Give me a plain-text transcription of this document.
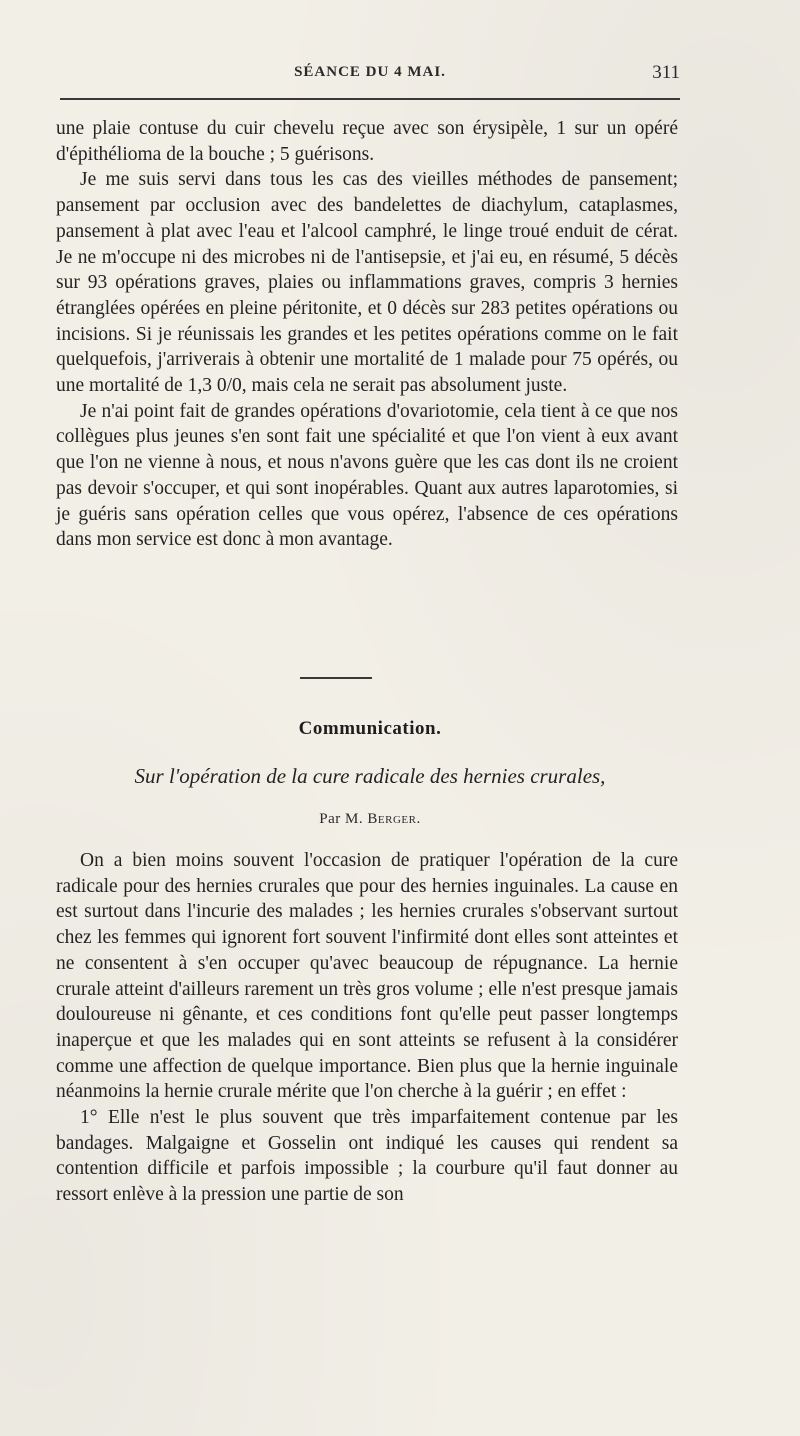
SÉANCE DU 4 MAI.	311

une plaie contuse du cuir chevelu reçue avec son érysipèle, 1 sur un opéré d'épithélioma de la bouche ; 5 guérisons.

Je me suis servi dans tous les cas des vieilles méthodes de pansement; pansement par occlusion avec des bandelettes de diachylum, cataplasmes, pansement à plat avec l'eau et l'alcool camphré, le linge troué enduit de cérat. Je ne m'occupe ni des microbes ni de l'antisepsie, et j'ai eu, en résumé, 5 décès sur 93 opérations graves, plaies ou inflammations graves, compris 3 hernies étranglées opérées en pleine péritonite, et 0 décès sur 283 petites opérations ou incisions. Si je réunissais les grandes et les petites opérations comme on le fait quelquefois, j'arriverais à obtenir une mortalité de 1 malade pour 75 opérés, ou une mortalité de 1,3 0/0, mais cela ne serait pas absolument juste.

Je n'ai point fait de grandes opérations d'ovariotomie, cela tient à ce que nos collègues plus jeunes s'en sont fait une spécialité et que l'on vient à eux avant que l'on ne vienne à nous, et nous n'avons guère que les cas dont ils ne croient pas devoir s'occuper, et qui sont inopérables. Quant aux autres laparotomies, si je guéris sans opération celles que vous opérez, l'absence de ces opérations dans mon service est donc à mon avantage.

Communication.
Sur l'opération de la cure radicale des hernies crurales,
Par M. Berger.

On a bien moins souvent l'occasion de pratiquer l'opération de la cure radicale pour des hernies crurales que pour des hernies inguinales. La cause en est surtout dans l'incurie des malades ; les hernies crurales s'observant surtout chez les femmes qui ignorent fort souvent l'infirmité dont elles sont atteintes et ne consentent à s'en occuper qu'avec beaucoup de répugnance. La hernie crurale atteint d'ailleurs rarement un très gros volume ; elle n'est presque jamais douloureuse ni gênante, et ces conditions font qu'elle peut passer longtemps inaperçue et que les malades qui en sont atteints se refusent à la considérer comme une affection de quelque importance. Bien plus que la hernie inguinale néanmoins la hernie crurale mérite que l'on cherche à la guérir ; en effet :

1° Elle n'est le plus souvent que très imparfaitement contenue par les bandages. Malgaigne et Gosselin ont indiqué les causes qui rendent sa contention difficile et parfois impossible ; la courbure qu'il faut donner au ressort enlève à la pression une partie de son
